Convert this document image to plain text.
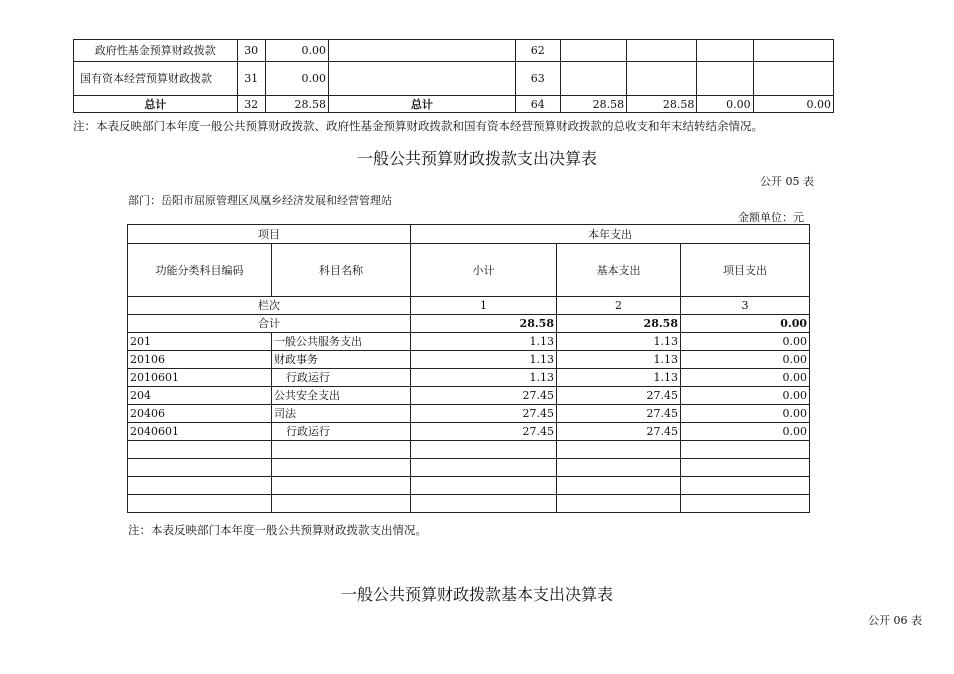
政府性基金预算财政拨款	30	0.00		62				
国有资本经营预算财政拨款	31	0.00		63				
总计	32	28.58	总计	64	28.58	28.58	0.00	0.00
注：本表反映部门本年度一般公共预算财政拨款、政府性基金预算财政拨款和国有资本经营预算财政拨款的总收支和年末结转结余情况。
一般公共预算财政拨款支出决算表
公开 05 表
部门：岳阳市屈原管理区凤凰乡经济发展和经营管理站
金额单位：元
项目		本年支出		
功能分类科目编码	科目名称	小计	基本支出	项目支出
栏次		1	2	3
合计		28.58	28.58	0.00
201	一般公共服务支出	1.13	1.13	0.00
20106	财政事务	1.13	1.13	0.00
2010601	行政运行	1.13	1.13	0.00
204	公共安全支出	27.45	27.45	0.00
20406	司法	27.45	27.45	0.00
2040601	行政运行	27.45	27.45	0.00

注：本表反映部门本年度一般公共预算财政拨款支出情况。
一般公共预算财政拨款基本支出决算表
公开 06 表
